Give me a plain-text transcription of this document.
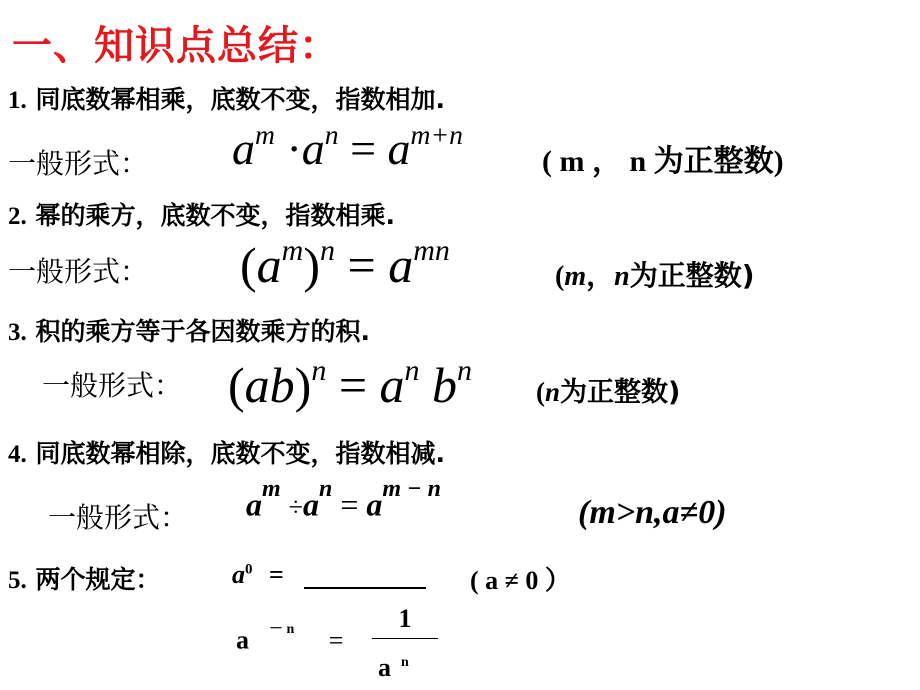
一、知识点总结：
1. 同底数幂相乘，底数不变，指数相加.
一般形式： $a^m \cdot a^n = a^{m+n}$
( m ， n 为正整数)
2. 幂的乘方，底数不变，指数相乘.
一般形式： $(a^m)^n = a^{mn}$
(m，n为正整数)
3. 积的乘方等于各因数乘方的积.
一般形式： $(ab)^n = a^n$ $b^n$
(n为正整数)
4. 同底数幂相除，底数不变，指数相减.
一般形式： $a^m \div a^n = a^{m - n}$
(m>n,a≠0)
5. 两个规定：	$a^0$ =	( a ≠ 0 ）
a $^{- n}$ =
1
a $^n$
